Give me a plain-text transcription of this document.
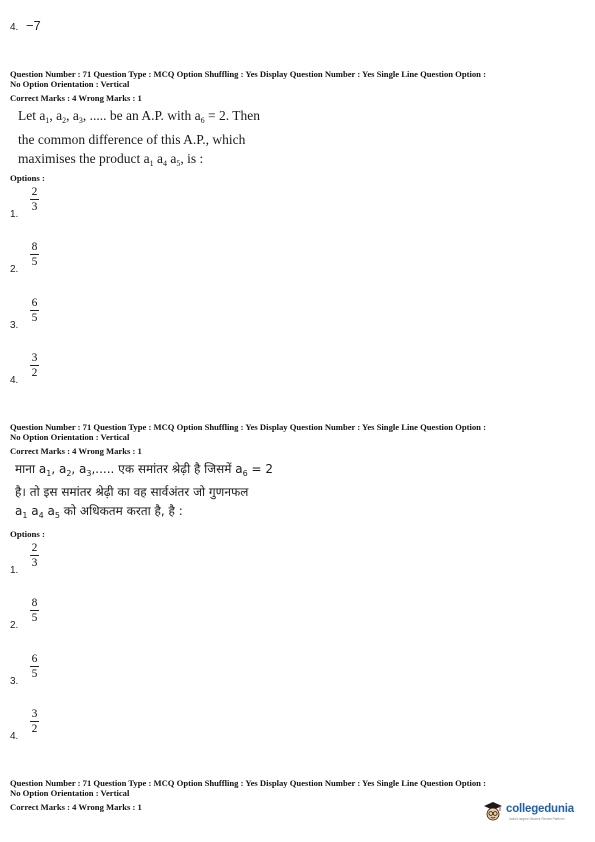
4. −7
Question Number : 71 Question Type : MCQ Option Shuffling : Yes Display Question Number : Yes Single Line Question Option :
No Option Orientation : Vertical
Correct Marks : 4 Wrong Marks : 1
Let $a_1$, $a_2$, $a_3$, ..... be an A.P. with $a_6 = 2$. Then
the common difference of this A.P., which
maximises the product $a_1$ $a_4$ $a_5$, is :
Options :
2
3
1.
8
5
2.
6
5
3.
3
2
4.
Question Number : 71 Question Type : MCQ Option Shuffling : Yes Display Question Number : Yes Single Line Question Option :
No Option Orientation : Vertical
Correct Marks : 4 Wrong Marks : 1
माना $a_1$, $a_2$, $a_3$,..... एक समांतर श्रेढ़ी है जिसमें $a_6 = 2$
है। तो इस समांतर श्रेढ़ी का वह सार्वअंतर जो गुणनफल
$a_1$ $a_4$ $a_5$ को अधिकतम करता है, है :
Options :
2
3
1.
8
5
2.
6
5
3.
3
2
4.
Question Number : 71 Question Type : MCQ Option Shuffling : Yes Display Question Number : Yes Single Line Question Option :
No Option Orientation : Vertical
Correct Marks : 4 Wrong Marks : 1	collegedunia
India's largest Student Review Platform
